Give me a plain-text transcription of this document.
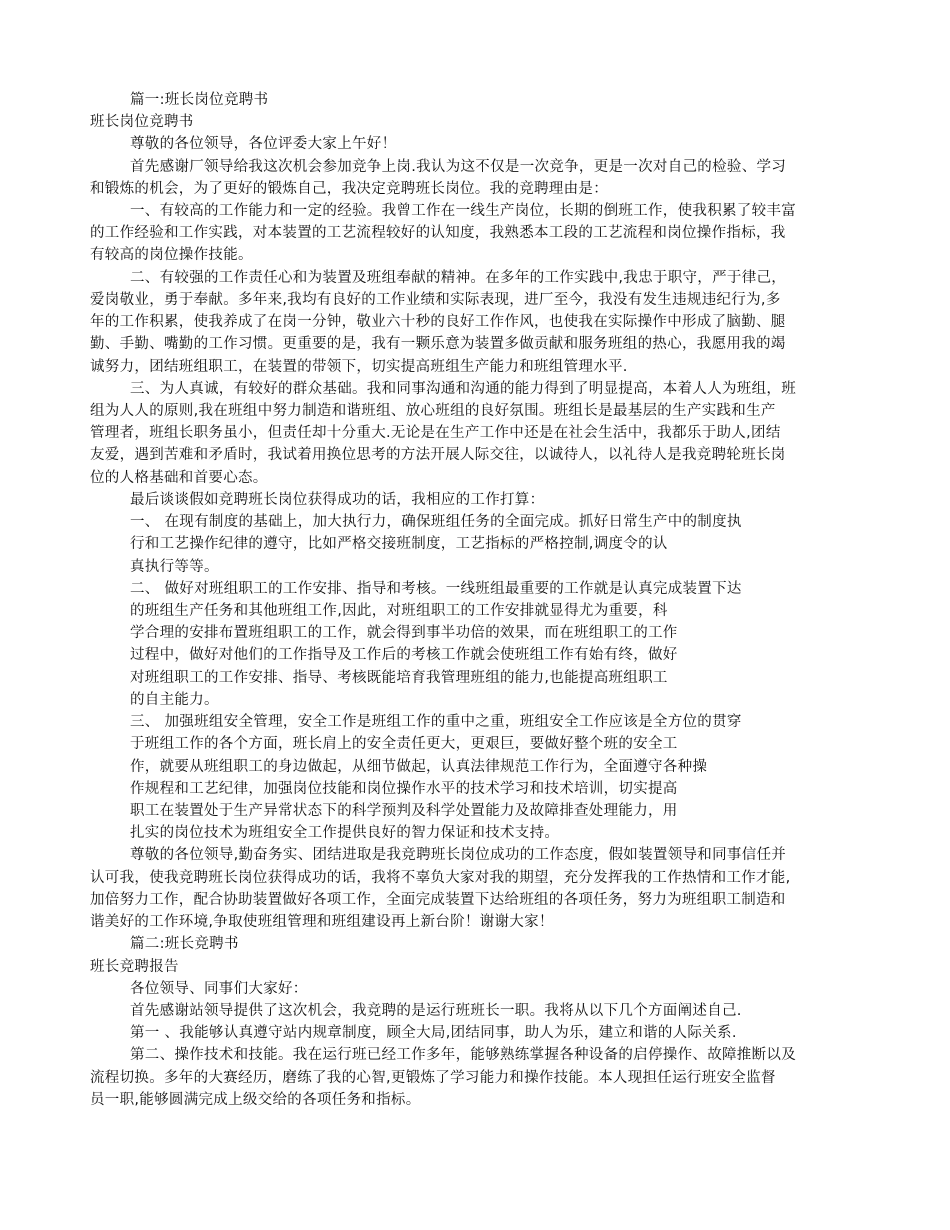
篇一:班长岗位竞聘书
班长岗位竞聘书
尊敬的各位领导，各位评委大家上午好！
首先感谢厂领导给我这次机会参加竞争上岗.我认为这不仅是一次竞争，更是一次对自己的检验、学习
和锻炼的机会，为了更好的锻炼自己，我决定竞聘班长岗位。我的竞聘理由是：
一、有较高的工作能力和一定的经验。我曾工作在一线生产岗位，长期的倒班工作，使我积累了较丰富
的工作经验和工作实践，对本装置的工艺流程较好的认知度，我熟悉本工段的工艺流程和岗位操作指标，我
有较高的岗位操作技能。
二、有较强的工作责任心和为装置及班组奉献的精神。在多年的工作实践中,我忠于职守，严于律己，
爱岗敬业，勇于奉献。多年来,我均有良好的工作业绩和实际表现，进厂至今，我没有发生违规违纪行为,多
年的工作积累，使我养成了在岗一分钟，敬业六十秒的良好工作作风，也使我在实际操作中形成了脑勤、腿
勤、手勤、嘴勤的工作习惯。更重要的是，我有一颗乐意为装置多做贡献和服务班组的热心，我愿用我的竭
诚努力，团结班组职工，在装置的带领下，切实提高班组生产能力和班组管理水平.
三、为人真诚，有较好的群众基础。我和同事沟通和沟通的能力得到了明显提高，本着人人为班组，班
组为人人的原则,我在班组中努力制造和谐班组、放心班组的良好氛围。班组长是最基层的生产实践和生产
管理者，班组长职务虽小，但责任却十分重大.无论是在生产工作中还是在社会生活中，我都乐于助人,团结
友爱，遇到苦难和矛盾时，我试着用换位思考的方法开展人际交往，以诚待人，以礼待人是我竞聘轮班长岗
位的人格基础和首要心态。
最后谈谈假如竞聘班长岗位获得成功的话，我相应的工作打算：
一、 在现有制度的基础上，加大执行力，确保班组任务的全面完成。抓好日常生产中的制度执
行和工艺操作纪律的遵守，比如严格交接班制度，工艺指标的严格控制,调度令的认
真执行等等。
二、 做好对班组职工的工作安排、指导和考核。一线班组最重要的工作就是认真完成装置下达
的班组生产任务和其他班组工作,因此，对班组职工的工作安排就显得尤为重要，科
学合理的安排布置班组职工的工作，就会得到事半功倍的效果，而在班组职工的工作
过程中，做好对他们的工作指导及工作后的考核工作就会使班组工作有始有终，做好
对班组职工的工作安排、指导、考核既能培育我管理班组的能力,也能提高班组职工
的自主能力。
三、 加强班组安全管理，安全工作是班组工作的重中之重，班组安全工作应该是全方位的贯穿
于班组工作的各个方面，班长肩上的安全责任更大，更艰巨，要做好整个班的安全工
作，就要从班组职工的身边做起，从细节做起，认真法律规范工作行为，全面遵守各种操
作规程和工艺纪律，加强岗位技能和岗位操作水平的技术学习和技术培训，切实提高
职工在装置处于生产异常状态下的科学预判及科学处置能力及故障排查处理能力，用
扎实的岗位技术为班组安全工作提供良好的智力保证和技术支持。
尊敬的各位领导,勤奋务实、团结进取是我竞聘班长岗位成功的工作态度，假如装置领导和同事信任并
认可我，使我竞聘班长岗位获得成功的话，我将不辜负大家对我的期望，充分发挥我的工作热情和工作才能,
加倍努力工作，配合协助装置做好各项工作，全面完成装置下达给班组的各项任务，努力为班组职工制造和
谐美好的工作环境,争取使班组管理和班组建设再上新台阶！谢谢大家！
篇二:班长竞聘书
班长竞聘报告
各位领导、同事们大家好：
首先感谢站领导提供了这次机会，我竞聘的是运行班班长一职。我将从以下几个方面阐述自己.
第一 、我能够认真遵守站内规章制度，顾全大局,团结同事，助人为乐，建立和谐的人际关系.
第二、操作技术和技能。我在运行班已经工作多年，能够熟练掌握各种设备的启停操作、故障推断以及
流程切换。多年的大赛经历，磨练了我的心智,更锻炼了学习能力和操作技能。本人现担任运行班安全监督
员一职,能够圆满完成上级交给的各项任务和指标。
